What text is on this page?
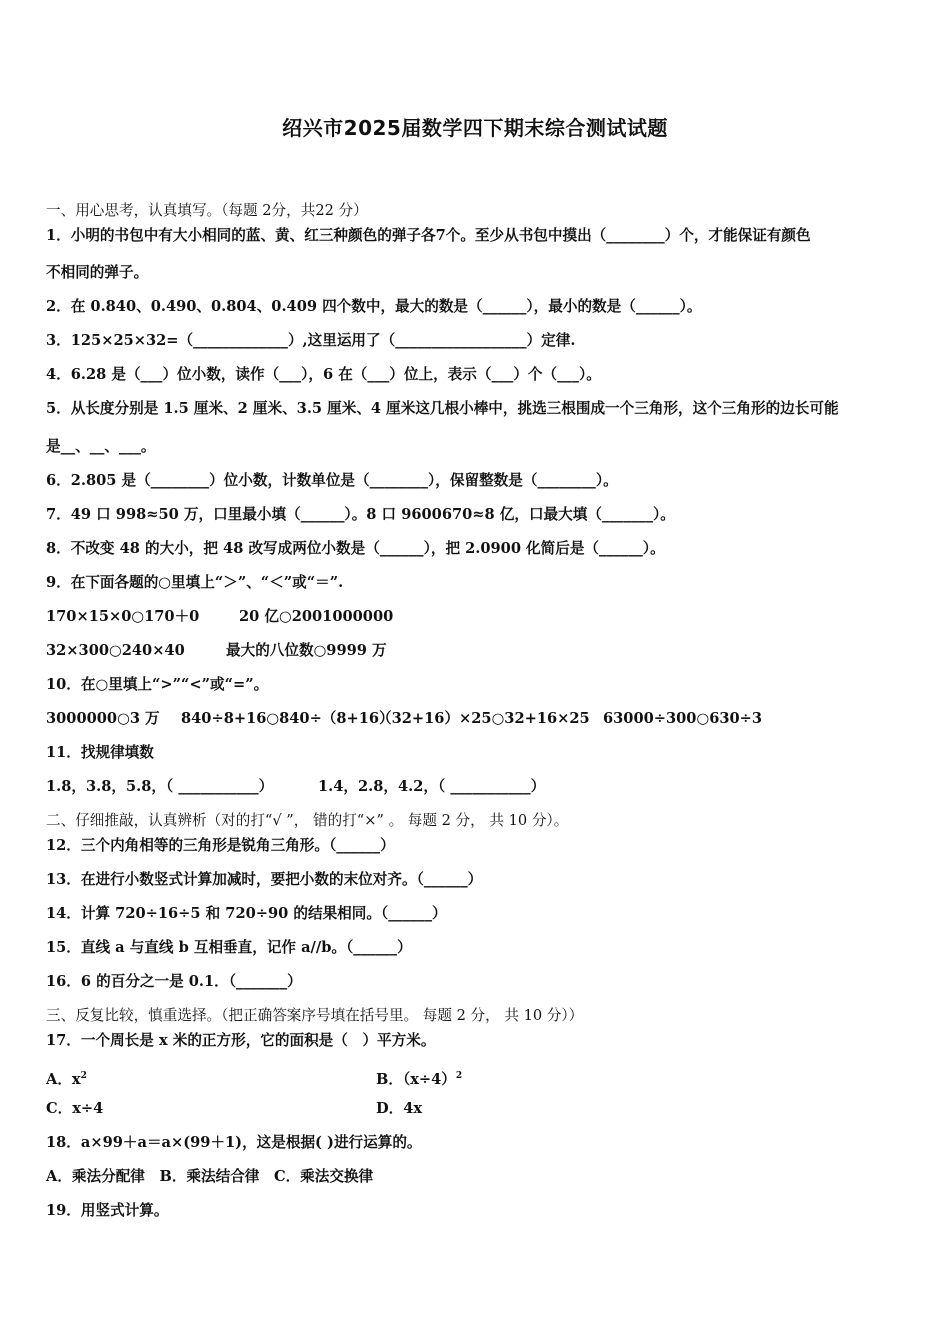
绍兴市2025届数学四下期末综合测试试题
一、用心思考，认真填写。（每题 2分，共22 分）
1．小明的书包中有大小相同的蓝、黄、红三种颜色的弹子各7个。至少从书包中摸出（________）个，才能保证有颜色
不相同的弹子。
2．在 0.840、0.490、0.804、0.409 四个数中，最大的数是（______），最小的数是（______）。
3．125×25×32=（_____________）,这里运用了（__________________）定律.
4．6.28 是（___）位小数，读作（___），6 在（___）位上，表示（___）个（___）。
5．从长度分别是 1.5 厘米、2 厘米、3.5 厘米、4 厘米这几根小棒中，挑选三根围成一个三角形，这个三角形的边长可能
是__、__、___。
6．2.805 是（________）位小数，计数单位是（________），保留整数是（________）。
7．49 口 998≈50 万，口里最小填（______）。8 口 9600670≈8 亿，口最大填（_______）。
8．不改变 48 的大小，把 48 改写成两位小数是（______），把 2.0900 化简后是（______）。
9．在下面各题的○里填上“＞”、“＜”或“＝”.
170×15×0○170＋0	20 亿○2001000000
32×300○240×40	最大的八位数○9999 万
10．在○里填上“>”“<”或“=”。
3000000○3 万 840÷8+16○840÷（8+16）
（32+16）×25○32+16×25 63000÷300○630÷3
11．找规律填数
1.8，3.8，5.8，（ ___________）	1.4，2.8，4.2，（ ___________）
二、仔细推敲，认真辨析（对的打“√ ”， 错的打“×” 。 每题 2 分， 共 10 分）。
12．三个内角相等的三角形是锐角三角形。（______）
13．在进行小数竖式计算加减时，要把小数的末位对齐。（______）
14．计算 720÷16÷5 和 720÷90 的结果相同。（______）
15．直线 a 与直线 b 互相垂直，记作 a//b。（______）
16．6 的百分之一是 0.1．（_______）
三、反复比较，慎重选择。（把正确答案序号填在括号里。 每题 2 分， 共 10 分））
17．一个周长是 x 米的正方形，它的面积是（　）平方米。
A．$x^2$	B．$(x\div 4)^2$
C．x÷4	D．4x
18．a×99＋a＝a×(99＋1)，这是根据( )进行运算的。
A．乘法分配律　B．乘法结合律　C．乘法交换律
19．用竖式计算。
